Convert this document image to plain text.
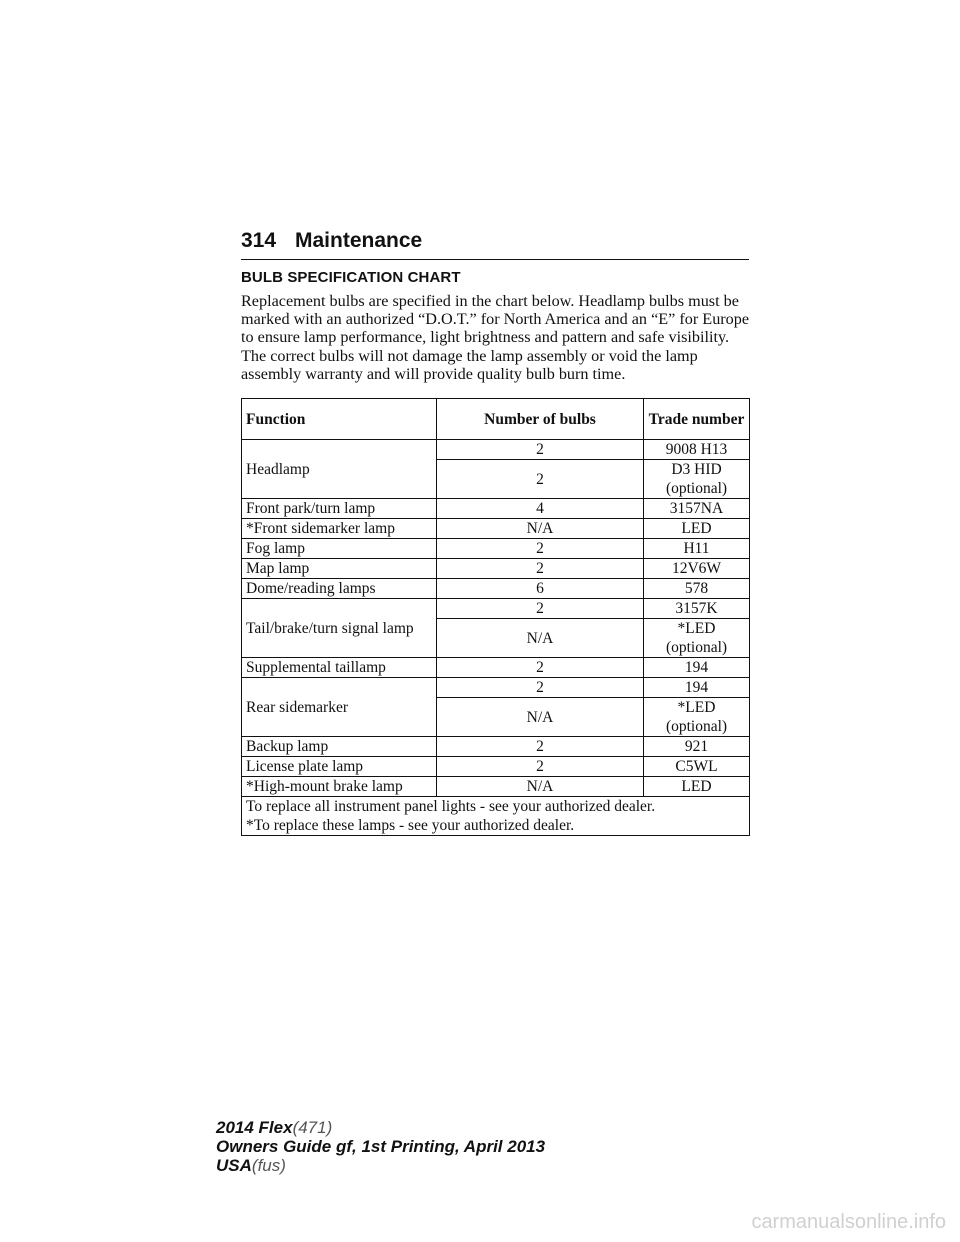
314 Maintenance
BULB SPECIFICATION CHART
Replacement bulbs are specified in the chart below. Headlamp bulbs must be marked with an authorized “D.O.T.” for North America and an “E” for Europe to ensure lamp performance, light brightness and pattern and safe visibility. The correct bulbs will not damage the lamp assembly or void the lamp assembly warranty and will provide quality bulb burn time.
Function	Number of bulbs	Trade number
Headlamp	2	9008 H13
	2	D3 HID (optional)
Front park/turn lamp	4	3157NA
*Front sidemarker lamp	N/A	LED
Fog lamp	2	H11
Map lamp	2	12V6W
Dome/reading lamps	6	578
Tail/brake/turn signal lamp	2	3157K
	N/A	*LED (optional)
Supplemental taillamp	2	194
Rear sidemarker	2	194
	N/A	*LED (optional)
Backup lamp	2	921
License plate lamp	2	C5WL
*High-mount brake lamp	N/A	LED
To replace all instrument panel lights - see your authorized dealer.		
*To replace these lamps - see your authorized dealer.		
2014 Flex(471)
Owners Guide gf, 1st Printing, April 2013
USA(fus)
carmanualsonline.info
